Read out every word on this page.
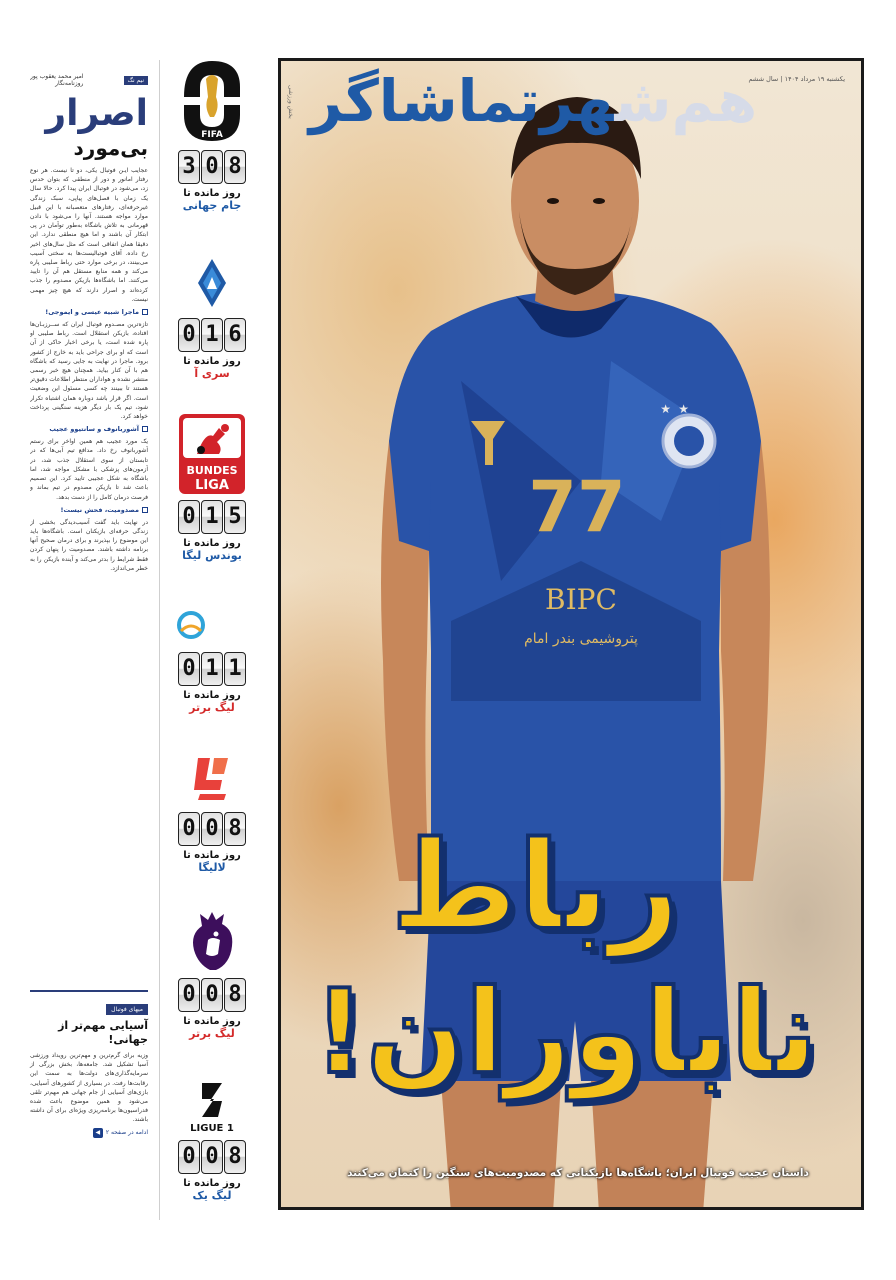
نیم نگ
امیر محمد یعقوب پور
روزنامه‌نگار
اصرار
بی‌مورد

عجایب ایـن فوتبال یکی، دو تا نیست. هر نوع رفتار امانور و دور از منطقی که بتوان حدس زد، می‌شود در فوتبال ایران پیدا کرد. حالا سال یک زمان با فصل‌های پیاپی، سبک زندگی غیرحرفه‌ای، رفتارهای متعصبانه با این قبیل موارد مواجه هستند. آنها را می‌شود با دادن قهرمانی به تلاش باشگاه به‌طور تواَمان در پی ابتکار آن باشند و اما هیچ منطقی ندارد. این دقیقا همان اتفاقی است که مثل سال‌های اخیر رخ داده. آقای فوتبالیست‌ها به سختی آسیب می‌بینند، در برخی موارد حتی رباط صلیبی پاره می‌کند و همه منابع مستقل هم آن را تایید می‌کنند. اما باشگاه‌ها بازیکن مصدوم را جذب کرده‌اند و اصرار دارند که هیچ چیز مهمی نیست.

ماجرا شبیه عیسی و ایموجی!

تازه‌ترین مصـدوم فوتبال ایران که ســرزبـان‌ها افتاده، بازیکن استقلال است. رباط صلیبی او پاره شده است، یا برخی اخبار حاکی از آن است که او برای جراحی باید به خارج از کشور برود. ماجرا در نهایت به جایی رسید که باشگاه هم با آن کنار بیاید. همچنان هیچ خبر رسمی منتشر نشده و هواداران منتظر اطلاعات دقیق‌تر هستند تا ببینند چه کسی مسئول این وضعیت است. اگر قرار باشد دوباره همان اشتباه تکرار شود، تیم یک بار دیگر هزینه سنگینی پرداخت خواهد کرد.

آشوربانوف و سانتیوو عجیب

یک مورد عجیب هم همین اواخر برای رستم آشوربانوف رخ داد. مدافع تیم آبی‌ها که در تابستان از سوی استقلال جذب شد، در آزمون‌های پزشکی با مشکل مواجه شد، اما باشگاه به شکل عجیبی تایید کرد. این تصمیم باعث شد تا بازیکن مصدوم در تیم بماند و فرصت درمان کامل را از دست بدهد.

مصدومیت، فحش نیست!

در نهایت باید گفت آسیب‌دیدگی بخشی از زندگی حرفه‌ای بازیکنان است. باشگاه‌ها باید این موضوع را بپذیرند و برای درمان صحیح آنها برنامه داشته باشند. مصدومیت را پنهان کردن فقط شرایط را بدتر می‌کند و آینده بازیکن را به خطر می‌اندازد.

میهای فوتبال
آسیایی مهم‌تر از جهانی!

وزیه برای گرم‌ترین و مهم‌ترین رویداد ورزشی آسیا تشکیل شد. جامعه‌ها، بخش بزرگی از سرمایه‌گذاری‌های دولت‌ها به سمت این رقابت‌ها رفت. در بسیاری از کشورهای آسیایی، بازی‌های آسیایی از جام جهانی هم مهم‌تر تلقی می‌شود و همین موضوع باعث شده فدراسیون‌ها برنامه‌ریزی ویژه‌ای برای آن داشته باشند.

ادامه در صفحه ۲
◀
FIFA
3 0 8
روز مانده تا
جام جهانی
0 1 6
روز مانده تا
سری آ
BUNDES
LIGA
0 1 5
روز مانده تا
بوندس لیگا
0 1 1
روز مانده تا
لیگ برتر
0 0 8
روز مانده تا
لالیگا
0 0 8
روز مانده تا
لیگ برتر
LIGUE 1
0 0 8
روز مانده تا
لیگ یک
★ ★
77
BIPC
پتروشیمی بندر امام
یکشنبه ۱۹ مرداد ۱۴۰۴ | سال ششم
بخش ورزشی	هم‌شهرتماشاگر
رباط
ناباوران!
داستان عجیب فوتبال ایران؛ باشگاه‌ها بازیکنانی که مصدومیت‌های سنگین را کتمان می‌کنند
